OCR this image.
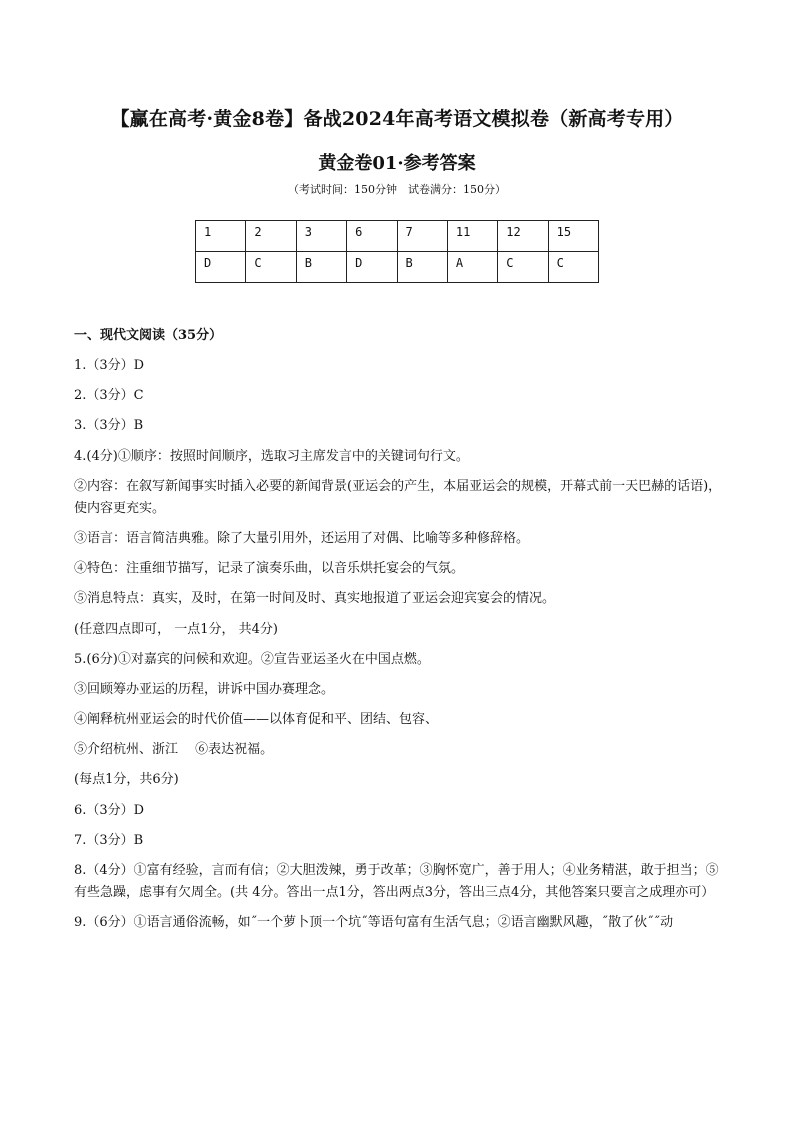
【赢在高考·黄金8卷】备战2024年高考语文模拟卷（新高考专用）
黄金卷01·参考答案
（考试时间：150分钟　试卷满分：150分）
1	2	3	6	7	11	12	15
D	C	B	D	B	A	C	C
一、现代文阅读（35分）
1.（3分）D
2.（3分）C
3.（3分）B
4.(4分)①顺序：按照时间顺序，选取习主席发言中的关键词句行文。
②内容：在叙写新闻事实时插入必要的新闻背景(亚运会的产生，本届亚运会的规模，开幕式前一天巴赫的话语)，使内容更充实。
③语言：语言简洁典雅。除了大量引用外，还运用了对偶、比喻等多种修辞格。
④特色：注重细节描写，记录了演奏乐曲，以音乐烘托宴会的气氛。
⑤消息特点：真实，及时，在第一时间及时、真实地报道了亚运会迎宾宴会的情况。
(任意四点即可， 一点1分， 共4分)
5.(6分)①对嘉宾的问候和欢迎。②宣告亚运圣火在中国点燃。
③回顾筹办亚运的历程，讲诉中国办赛理念。
④阐释杭州亚运会的时代价值——以体育促和平、团结、包容、
⑤介绍杭州、浙江　 ⑥表达祝福。
(每点1分，共6分)
6.（3分）D
7.（3分）B
8.（4分）①富有经验，言而有信；②大胆泼辣，勇于改革；③胸怀宽广，善于用人；④业务精湛，敢于担当；⑤有些急躁，虑事有欠周全。(共 4分。答出一点1分，答出两点3分，答出三点4分，其他答案只要言之成理亦可）
9.（6分）①语言通俗流畅，如˝一个萝卜顶一个坑˝等语句富有生活气息；②语言幽默风趣，˝散了伙˝˝动
